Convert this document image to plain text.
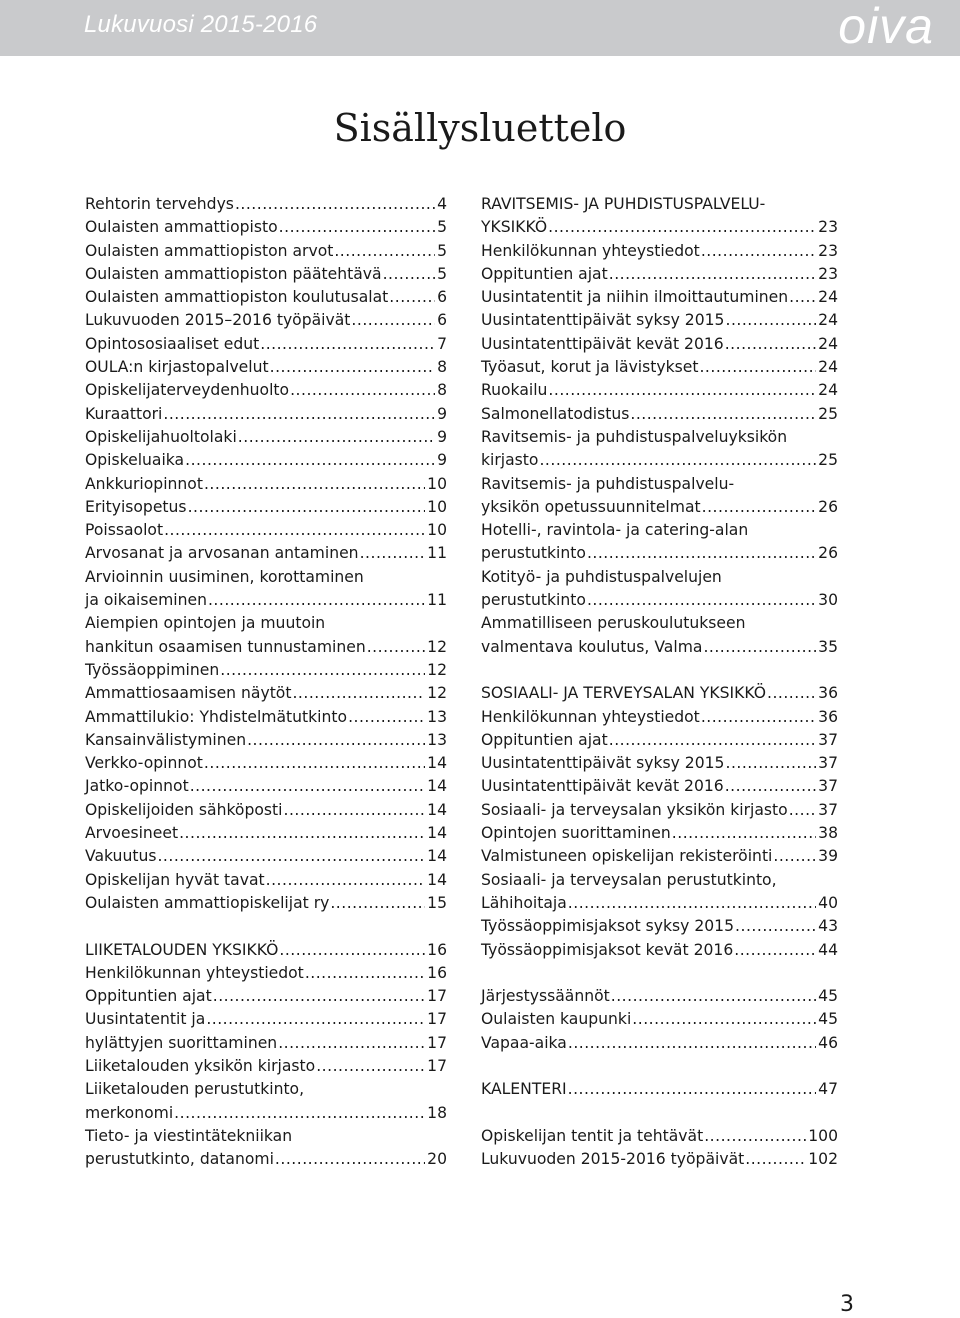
Lukuvuosi 2015-2016	oiva
Sisällysluettelo
Rehtorin tervehdys .....	4
Oulaisten ammattiopisto .....	5
Oulaisten ammattiopiston arvot .....	5
Oulaisten ammattiopiston päätehtävä .....	5
Oulaisten ammattiopiston koulutusalat .....	6
Lukuvuoden 2015–2016 työpäivät .....	6
Opintososiaaliset edut .....	7
OULA:n kirjastopalvelut .....	8
Opiskelijaterveydenhuolto .....	8
Kuraattori .....	9
Opiskelijahuoltolaki .....	9
Opiskeluaika .....	9
Ankkuriopinnot .....	10
Erityisopetus .....	10
Poissaolot .....	10
Arvosanat ja arvosanan antaminen .....	11
Arvioinnin uusiminen, korottaminen
ja oikaiseminen .....	11
Aiempien opintojen ja muutoin
hankitun osaamisen tunnustaminen .....	12
Työssäoppiminen .....	12
Ammattiosaamisen näytöt .....	12
Ammattilukio: Yhdistelmätutkinto .....	13
Kansainvälistyminen .....	13
Verkko-opinnot .....	14
Jatko-opinnot .....	14
Opiskelijoiden sähköposti .....	14
Arvoesineet .....	14
Vakuutus .....	14
Opiskelijan hyvät tavat .....	14
Oulaisten ammattiopiskelijat ry .....	15
LIIKETALOUDEN YKSIKKÖ .....	16
Henkilökunnan yhteystiedot .....	16
Oppituntien ajat .....	17
Uusintatentit ja .....	17
hylättyjen suorittaminen .....	17
Liiketalouden yksikön kirjasto .....	17
Liiketalouden perustutkinto,
merkonomi .....	18
Tieto- ja viestintätekniikan
perustutkinto, datanomi .....	20
RAVITSEMIS- JA PUHDISTUSPALVELU-
YKSIKKÖ .....	23
Henkilökunnan yhteystiedot .....	23
Oppituntien ajat .....	23
Uusintatentit ja niihin ilmoittautuminen ..... 24
Uusintatenttipäivät syksy 2015 .....	24
Uusintatenttipäivät kevät 2016 .....	24
Työasut, korut ja lävistykset .....	24
Ruokailu .....	24
Salmonellatodistus .....	25
Ravitsemis- ja puhdistuspalveluyksikön
kirjasto .....	25
Ravitsemis- ja puhdistuspalvelu-
yksikön opetussuunnitelmat .....	26
Hotelli-, ravintola- ja catering-alan
perustutkinto .....	26
Kotityö- ja puhdistuspalvelujen
perustutkinto .....	30
Ammatilliseen peruskoulutukseen
valmentava koulutus, Valma .....	35
SOSIAALI- JA TERVEYSALAN YKSIKKÖ .....	36
Henkilökunnan yhteystiedot .....	36
Oppituntien ajat .....	37
Uusintatenttipäivät syksy 2015 .....	37
Uusintatenttipäivät kevät 2016 .....	37
Sosiaali- ja terveysalan yksikön kirjasto ..... 37
Opintojen suorittaminen .....	38
Valmistuneen opiskelijan rekisteröinti .....	39
Sosiaali- ja terveysalan perustutkinto,
Lähihoitaja .....	40
Työssäoppimisjaksot syksy 2015 .....	43
Työssäoppimisjaksot kevät 2016 .....	44
Järjestyssäännöt .....	45
Oulaisten kaupunki .....	45
Vapaa-aika .....	46
KALENTERI .....	47
Opiskelijan tentit ja tehtävät .....	100
Lukuvuoden 2015-2016 työpäivät .....	102
3
